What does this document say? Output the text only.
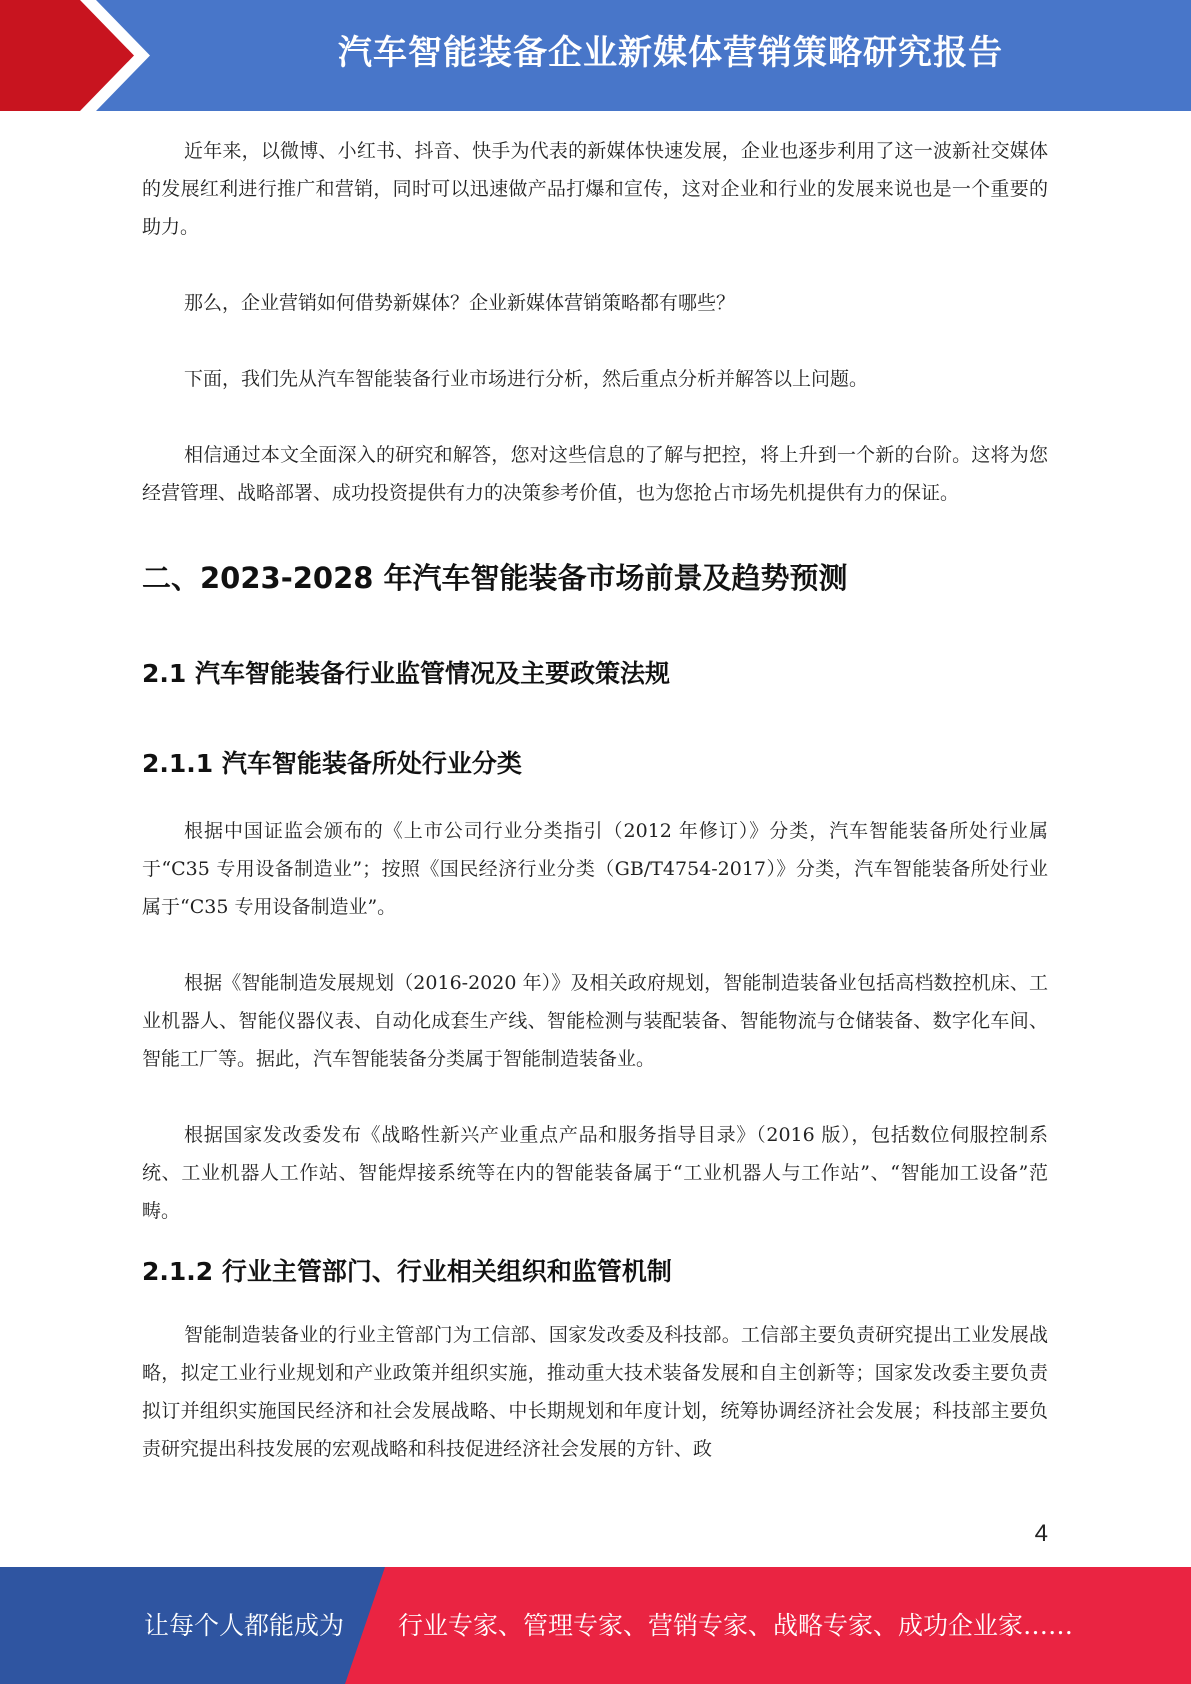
汽车智能装备企业新媒体营销策略研究报告

近年来，以微博、小红书、抖音、快手为代表的新媒体快速发展，企业也逐步利用了这一波新社交媒体的发展红利进行推广和营销，同时可以迅速做产品打爆和宣传，这对企业和行业的发展来说也是一个重要的助力。

那么，企业营销如何借势新媒体？企业新媒体营销策略都有哪些？

下面，我们先从汽车智能装备行业市场进行分析，然后重点分析并解答以上问题。

相信通过本文全面深入的研究和解答，您对这些信息的了解与把控，将上升到一个新的台阶。这将为您经营管理、战略部署、成功投资提供有力的决策参考价值，也为您抢占市场先机提供有力的保证。

二、2023-2028 年汽车智能装备市场前景及趋势预测
2.1 汽车智能装备行业监管情况及主要政策法规
2.1.1 汽车智能装备所处行业分类

根据中国证监会颁布的《上市公司行业分类指引（2012 年修订）》分类，汽车智能装备所处行业属于“C35 专用设备制造业”；按照《国民经济行业分类（GB/T4754-2017）》分类，汽车智能装备所处行业属于“C35 专用设备制造业”。

根据《智能制造发展规划（2016-2020 年）》及相关政府规划，智能制造装备业包括高档数控机床、工业机器人、智能仪器仪表、自动化成套生产线、智能检测与装配装备、智能物流与仓储装备、数字化车间、智能工厂等。据此，汽车智能装备分类属于智能制造装备业。

根据国家发改委发布《战略性新兴产业重点产品和服务指导目录》（2016 版），包括数位伺服控制系统、工业机器人工作站、智能焊接系统等在内的智能装备属于“工业机器人与工作站”、“智能加工设备”范畴。

2.1.2 行业主管部门、行业相关组织和监管机制

智能制造装备业的行业主管部门为工信部、国家发改委及科技部。工信部主要负责研究提出工业发展战略，拟定工业行业规划和产业政策并组织实施，推动重大技术装备发展和自主创新等；国家发改委主要负责拟订并组织实施国民经济和社会发展战略、中长期规划和年度计划，统筹协调经济社会发展；科技部主要负责研究提出科技发展的宏观战略和科技促进经济社会发展的方针、政

4
让每个人都能成为 行业专家、管理专家、营销专家、战略专家、成功企业家……
